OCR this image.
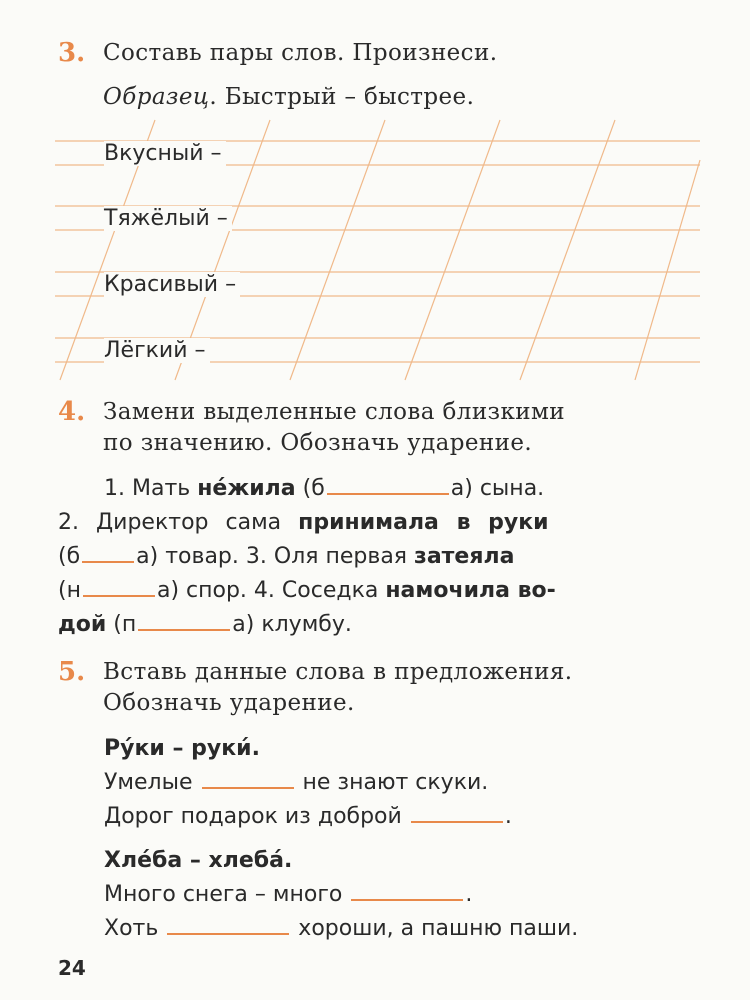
3. Составь пары слов. Произнеси.
Образец. Быстрый – быстрее.
Вкусный –
Тяжёлый –
Красивый –
Лёгкий –
4. Замени выделенные слова близкими
по значению. Обозначь ударение.
1. Мать не́жила (б	а) сына.
2. Директор сама принимала в руки
(б	а) товар. 3. Оля первая затеяла
(н	а) спор. 4. Соседка намочила во-
дой (п	а) клумбу.
5. Вставь данные слова в предложения.
Обозначь ударение.
Ру́ки – руки́.
Умелые	не знают скуки.
Дорог подарок из доброй	.
Хле́ба – хлеба́.
Много снега – много	.
Хоть	хороши, а пашню паши.
24
